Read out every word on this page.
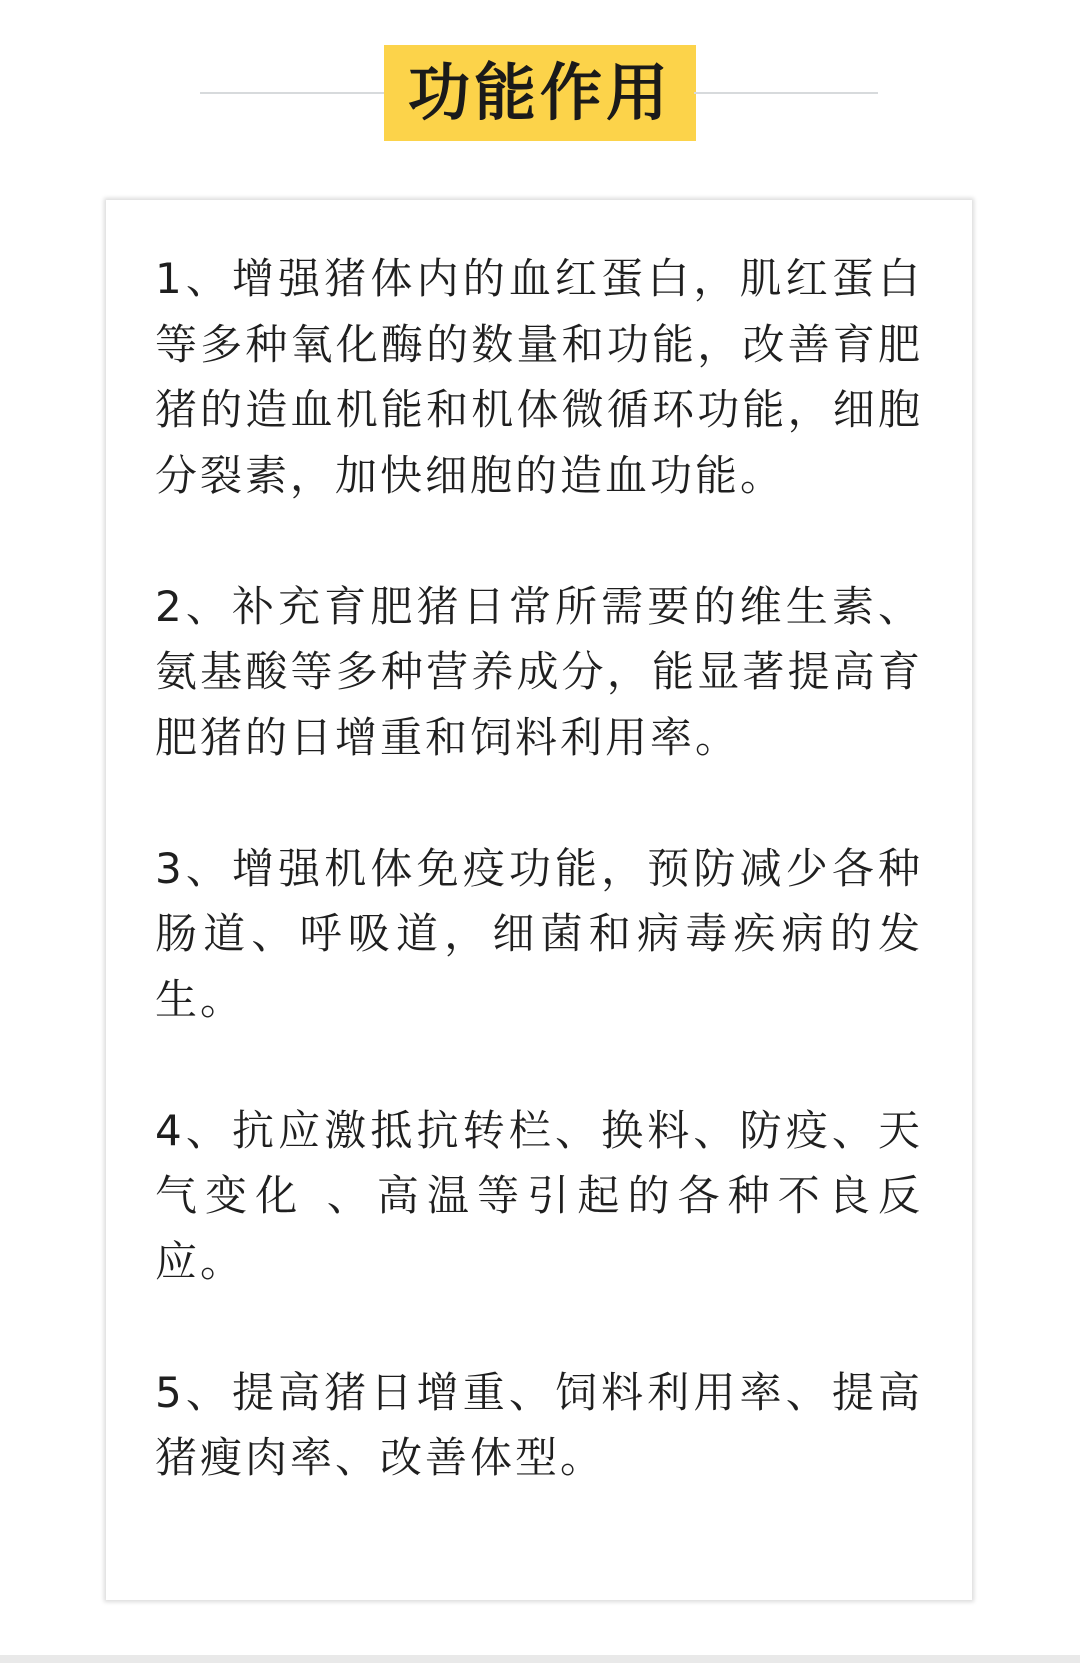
功能作用

1、增强猪体内的血红蛋白，肌红蛋白等多种氧化酶的数量和功能，改善育肥猪的造血机能和机体微循环功能，细胞分裂素，加快细胞的造血功能。

2、补充育肥猪日常所需要的维生素、氨基酸等多种营养成分，能显著提高育肥猪的日增重和饲料利用率。

3、增强机体免疫功能，预防减少各种肠道、呼吸道，细菌和病毒疾病的发生。

4、抗应激抵抗转栏、换料、防疫、天气变化 、高温等引起的各种不良反应。

5、提高猪日增重、饲料利用率、提高猪瘦肉率、改善体型。
